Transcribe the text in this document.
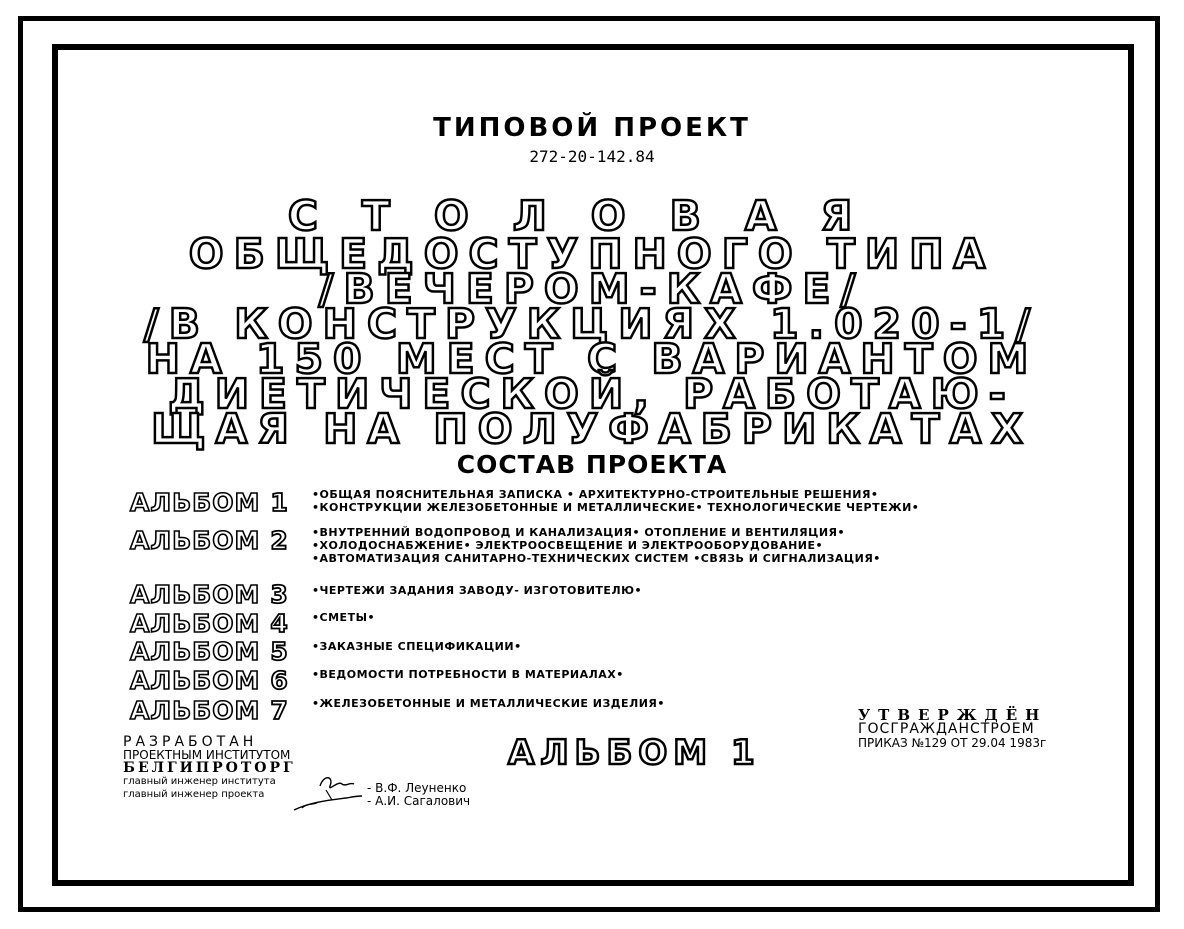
ТИПОВОЙ ПРОЕКТ
272-20-142.84
СТОЛОВАЯ
ОБЩЕДОСТУПНОГО ТИПА
/ВЕЧЕРОМ-КАФЕ/
/В КОНСТРУКЦИЯХ 1.020-1/
НА 150 МЕСТ С ВАРИАНТОМ
ДИЕТИЧЕСКОЙ, РАБОТАЮ-
ЩАЯ НА ПОЛУФАБРИКАТАХ
СОСТАВ ПРОЕКТА
АЛЬБОМ 1 •ОБЩАЯ ПОЯСНИТЕЛЬНАЯ ЗАПИСКА • АРХИТЕКТУРНО-СТРОИТЕЛЬНЫЕ РЕШЕНИЯ•
•КОНСТРУКЦИИ ЖЕЛЕЗОБЕТОННЫЕ И МЕТАЛЛИЧЕСКИЕ• ТЕХНОЛОГИЧЕСКИЕ ЧЕРТЕЖИ•
АЛЬБОМ 2 •ВНУТРЕННИЙ ВОДОПРОВОД И КАНАЛИЗАЦИЯ• ОТОПЛЕНИЕ И ВЕНТИЛЯЦИЯ•
•ХОЛОДОСНАБЖЕНИЕ• ЭЛЕКТРООСВЕЩЕНИЕ И ЭЛЕКТРООБОРУДОВАНИЕ•
•АВТОМАТИЗАЦИЯ САНИТАРНО-ТЕХНИЧЕСКИХ СИСТЕМ •СВЯЗЬ И СИГНАЛИЗАЦИЯ•
АЛЬБОМ 3 •ЧЕРТЕЖИ ЗАДАНИЯ ЗАВОДУ- ИЗГОТОВИТЕЛЮ•
АЛЬБОМ 4 •СМЕТЫ•
АЛЬБОМ 5 •ЗАКАЗНЫЕ СПЕЦИФИКАЦИИ•
АЛЬБОМ 6 •ВЕДОМОСТИ ПОТРЕБНОСТИ В МАТЕРИАЛАХ•
АЛЬБОМ 7 •ЖЕЛЕЗОБЕТОННЫЕ И МЕТАЛЛИЧЕСКИЕ ИЗДЕЛИЯ•
РАЗРАБОТАН
ПРОЕКТНЫМ ИНСТИТУТОМ
БЕЛГИПРОТОРГ
главный инженер института
главный инженер проекта	- В.Ф. Леуненко
- А.И. Сагалович
АЛЬБОМ 1
УТВЕРЖДЁН
ГОСГРАЖДАНСТРОЕМ
ПРИКАЗ №129 ОТ 29.04 1983г
